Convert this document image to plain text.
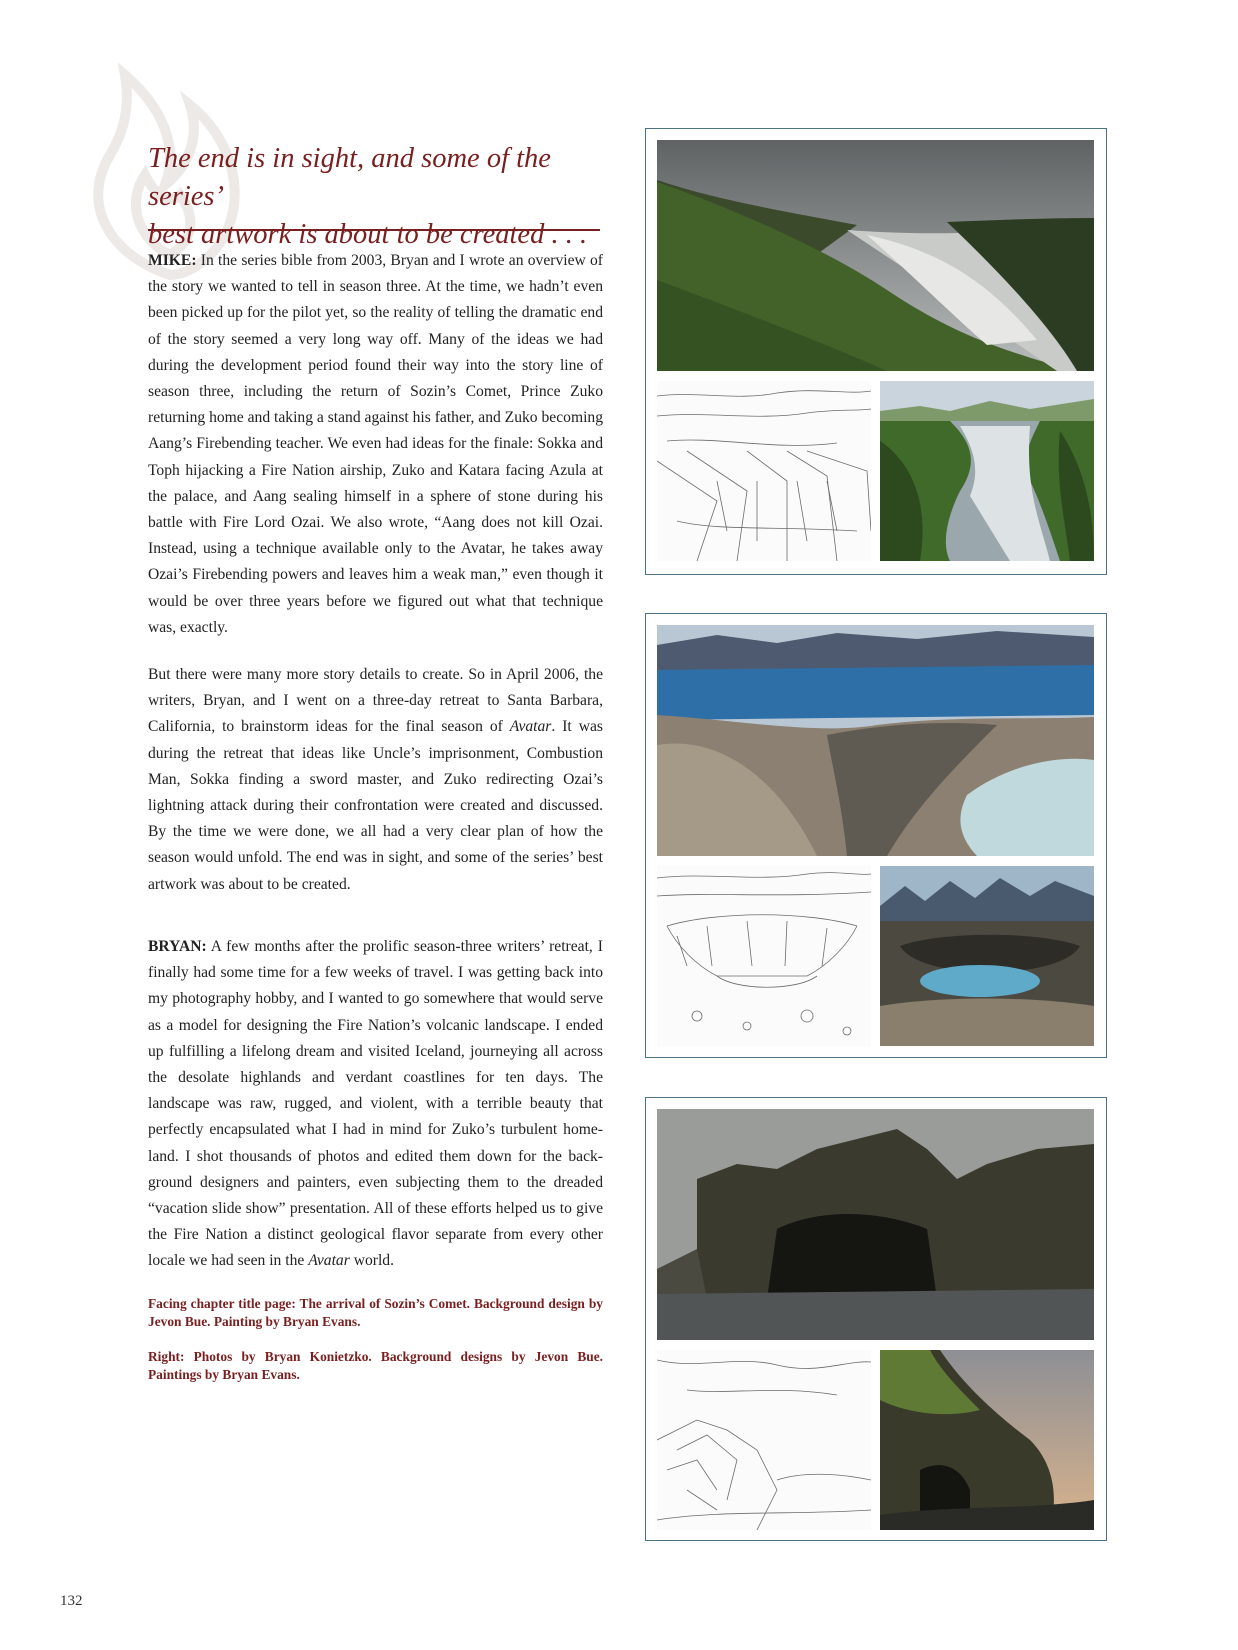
The end is in sight, and some of the series’
best artwork is about to be created . . .

MIKE: In the series bible from 2003, Bryan and I wrote an overview of the story we wanted to tell in season three. At the time, we hadn’t even been picked up for the pilot yet, so the reality of telling the dramatic end of the story seemed a very long way off. Many of the ideas we had during the development period found their way into the story line of season three, including the return of Sozin’s Comet, Prince Zuko returning home and taking a stand against his father, and Zuko becoming Aang’s Firebending teacher. We even had ideas for the finale: Sokka and Toph hijacking a Fire Nation airship, Zuko and Katara facing Azula at the palace, and Aang sealing himself in a sphere of stone during his battle with Fire Lord Ozai. We also wrote, “Aang does not kill Ozai. Instead, using a technique available only to the Avatar, he takes away Ozai’s Firebending powers and leaves him a weak man,” even though it would be over three years before we figured out what that technique was, exactly.

But there were many more story details to create. So in April 2006, the writers, Bryan, and I went on a three-day retreat to Santa Barbara, California, to brainstorm ideas for the final season of Avatar. It was during the retreat that ideas like Uncle’s imprisonment, Combustion Man, Sokka finding a sword master, and Zuko redirecting Ozai’s lightning attack during their confrontation were created and discussed. By the time we were done, we all had a very clear plan of how the season would unfold. The end was in sight, and some of the series’ best artwork was about to be created.

BRYAN: A few months after the prolific season-three writers’ retreat, I finally had some time for a few weeks of travel. I was getting back into my photography hobby, and I wanted to go somewhere that would serve as a model for designing the Fire Nation’s volcanic landscape. I ended up fulfilling a lifelong dream and visited Iceland, journeying all across the desolate highlands and verdant coastlines for ten days. The landscape was raw, rugged, and violent, with a terrible beauty that perfectly encapsulated what I had in mind for Zuko’s turbulent home-land. I shot thousands of photos and edited them down for the back-ground designers and painters, even subjecting them to the dreaded “vacation slide show” presentation. All of these efforts helped us to give the Fire Nation a distinct geological flavor separate from every other locale we had seen in the Avatar world.

Facing chapter title page: The arrival of Sozin’s Comet. Background design by Jevon Bue. Painting by Bryan Evans.
Right: Photos by Bryan Konietzko. Background designs by Jevon Bue. Paintings by Bryan Evans.
132
